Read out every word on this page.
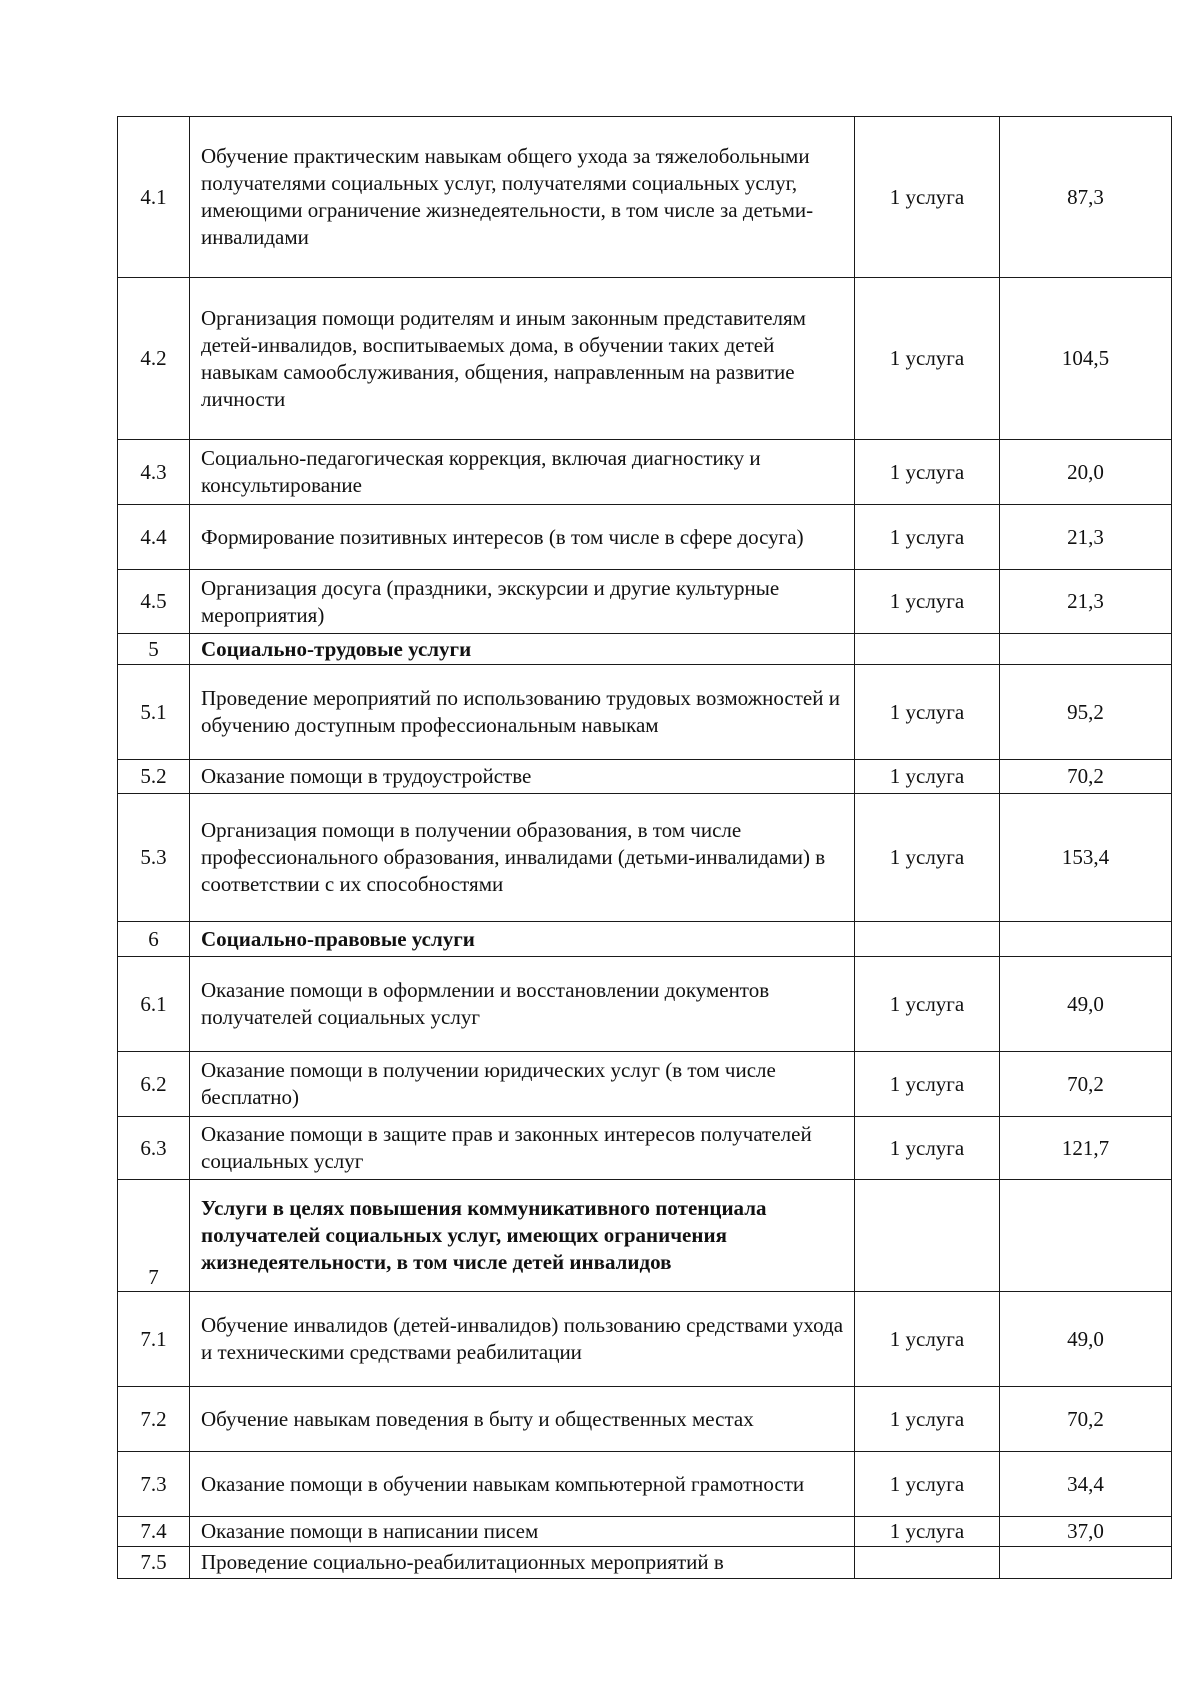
4.1	Обучение практическим навыкам общего ухода за тяжелобольными получателями социальных услуг, получателями социальных услуг, имеющими ограничение жизнедеятельности, в том числе за детьми-инвалидами	1 услуга	87,3
4.2	Организация помощи родителям и иным законным представителям детей-инвалидов, воспитываемых дома, в обучении таких детей навыкам самообслуживания, общения, направленным на развитие личности	1 услуга	104,5
4.3	Социально-педагогическая коррекция, включая диагностику и консультирование	1 услуга	20,0
4.4	Формирование позитивных интересов (в том числе в сфере досуга)	1 услуга	21,3
4.5	Организация досуга (праздники, экскурсии и другие культурные мероприятия)	1 услуга	21,3
5	Социально-трудовые услуги		
5.1	Проведение мероприятий по использованию трудовых возможностей и обучению доступным профессиональным навыкам	1 услуга	95,2
5.2	Оказание помощи в трудоустройстве	1 услуга	70,2
5.3	Организация помощи в получении образования, в том числе профессионального образования, инвалидами (детьми-инвалидами) в соответствии с их способностями	1 услуга	153,4
6	Социально-правовые услуги		
6.1	Оказание помощи в оформлении и восстановлении документов получателей социальных услуг	1 услуга	49,0
6.2	Оказание помощи в получении юридических услуг (в том числе бесплатно)	1 услуга	70,2
6.3	Оказание помощи в защите прав и законных интересов получателей социальных услуг	1 услуга	121,7
7	Услуги в целях повышения коммуникативного потенциала получателей социальных услуг, имеющих ограничения жизнедеятельности, в том числе детей инвалидов		
7.1	Обучение инвалидов (детей-инвалидов) пользованию средствами ухода и техническими средствами реабилитации	1 услуга	49,0
7.2	Обучение навыкам поведения в быту и общественных местах	1 услуга	70,2
7.3	Оказание помощи в обучении навыкам компьютерной грамотности	1 услуга	34,4
7.4	Оказание помощи в написании писем	1 услуга	37,0
7.5	Проведение социально-реабилитационных мероприятий в		
